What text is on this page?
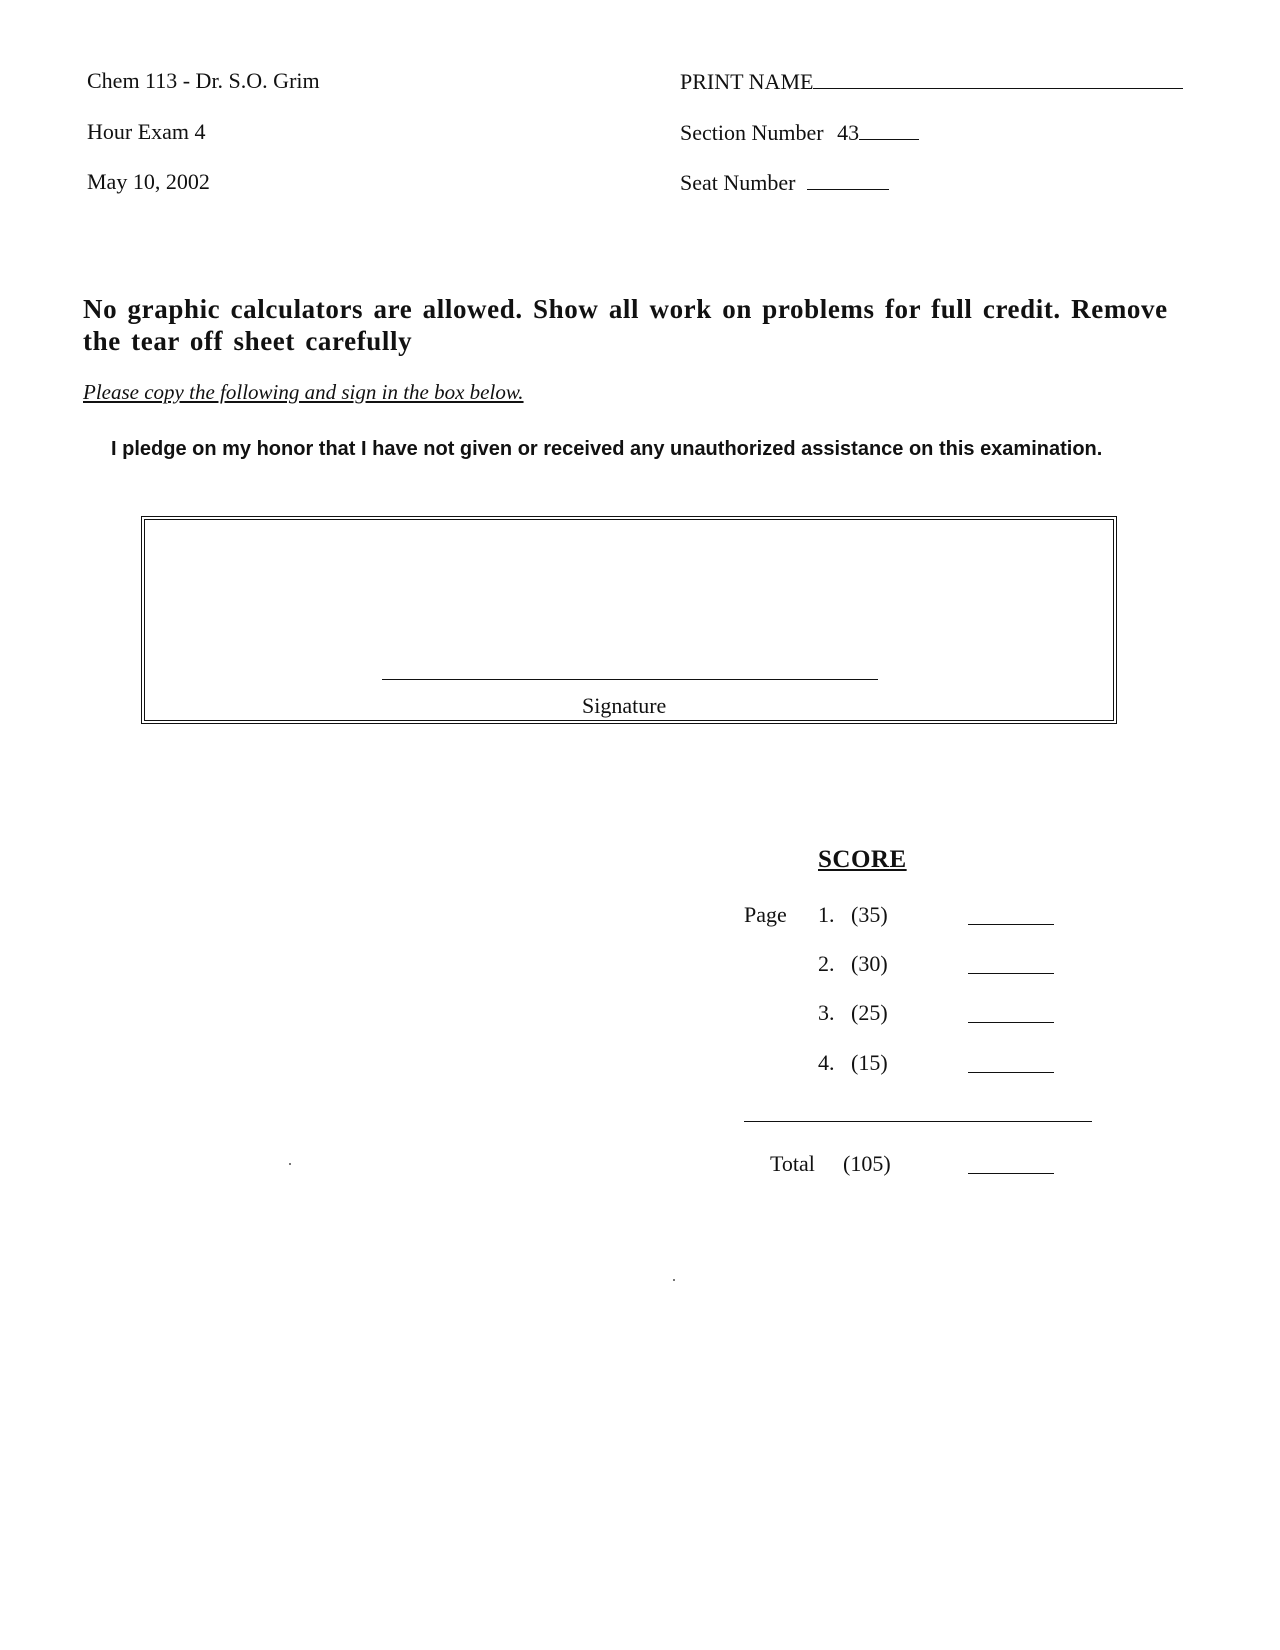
Chem 113 - Dr. S.O. Grim
Hour Exam 4
May 10, 2002
PRINT NAME
Section Number 43
Seat Number
No graphic calculators are allowed. Show all work on problems for full credit. Remove the tear off sheet carefully
Please copy the following and sign in the box below.
I pledge on my honor that I have not given or received any unauthorized assistance on this examination.
Signature
SCORE
Page 1. (35)
2. (30)
3. (25)
4. (15)
Total (105)
